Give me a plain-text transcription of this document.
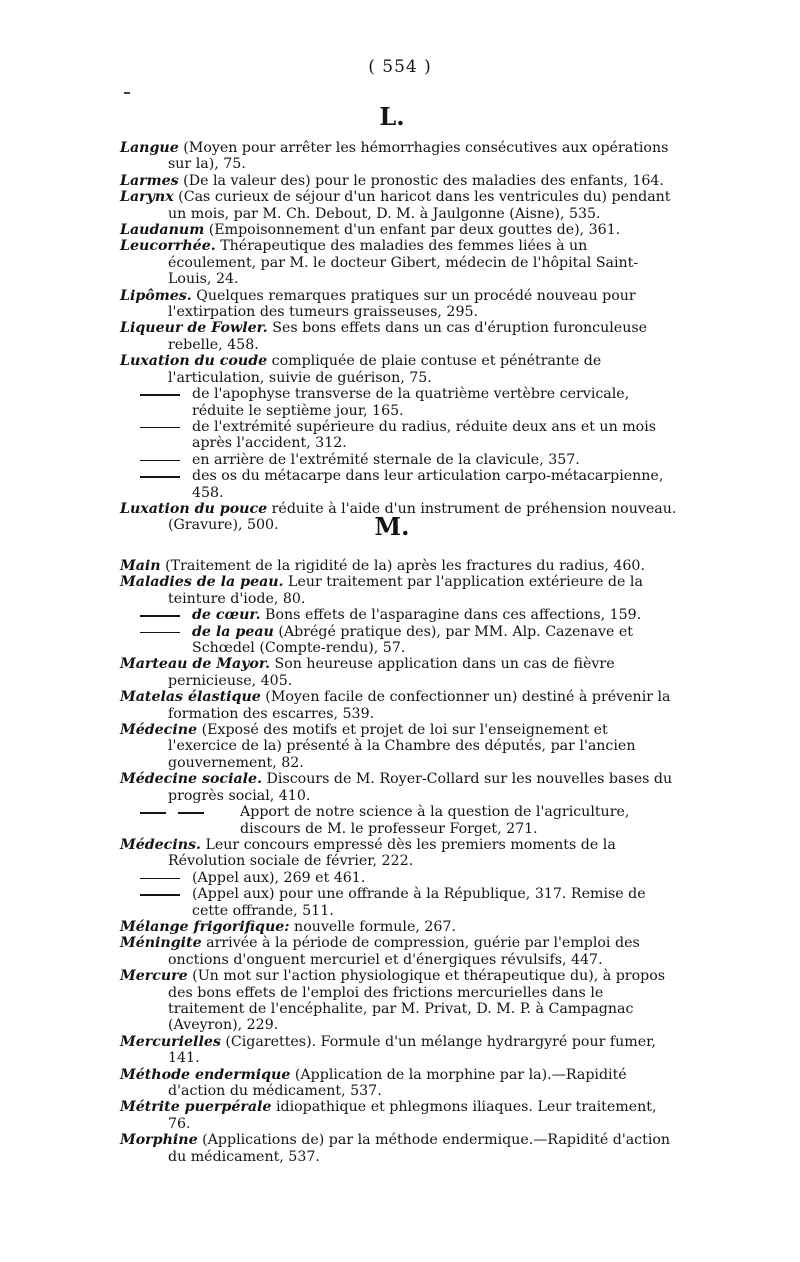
( 554 )
L.

Langue (Moyen pour arrêter les hémorrhagies consécutives aux opérations sur la), 75.

Larmes (De la valeur des) pour le pronostic des maladies des enfants, 164.

Larynx (Cas curieux de séjour d'un haricot dans les ventricules du) pendant un mois, par M. Ch. Debout, D. M. à Jaulgonne (Aisne), 535.

Laudanum (Empoisonnement d'un enfant par deux gouttes de), 361.

Leucorrhée. Thérapeutique des maladies des femmes liées à un écoulement, par M. le docteur Gibert, médecin de l'hôpital Saint-Louis, 24.

Lipômes. Quelques remarques pratiques sur un procédé nouveau pour l'extirpation des tumeurs graisseuses, 295.

Liqueur de Fowler. Ses bons effets dans un cas d'éruption furonculeuse rebelle, 458.

Luxation du coude compliquée de plaie contuse et pénétrante de l'articulation, suivie de guérison, 75.

de l'apophyse transverse de la quatrième vertèbre cervicale, réduite le septième jour, 165.

de l'extrémité supérieure du radius, réduite deux ans et un mois après l'accident, 312.

en arrière de l'extrémité sternale de la clavicule, 357.

des os du métacarpe dans leur articulation carpo-métacarpienne, 458.

Luxation du pouce réduite à l'aide d'un instrument de préhension nouveau. (Gravure), 500.	M.

Main (Traitement de la rigidité de la) après les fractures du radius, 460.

Maladies de la peau. Leur traitement par l'application extérieure de la teinture d'iode, 80.

de cœur. Bons effets de l'asparagine dans ces affections, 159.

de la peau (Abrégé pratique des), par MM. Alp. Cazenave et Schœdel (Compte-rendu), 57.

Marteau de Mayor. Son heureuse application dans un cas de fièvre pernicieuse, 405.

Matelas élastique (Moyen facile de confectionner un) destiné à prévenir la formation des escarres, 539.

Médecine (Exposé des motifs et projet de loi sur l'enseignement et l'exercice de la) présenté à la Chambre des députés, par l'ancien gouvernement, 82.

Médecine sociale. Discours de M. Royer-Collard sur les nouvelles bases du progrès social, 410.

Apport de notre science à la question de l'agriculture, discours de M. le professeur Forget, 271.

Médecins. Leur concours empressé dès les premiers moments de la Révolution sociale de février, 222.

(Appel aux), 269 et 461.

(Appel aux) pour une offrande à la République, 317. Remise de cette offrande, 511.

Mélange frigorifique: nouvelle formule, 267.

Méningite arrivée à la période de compression, guérie par l'emploi des onctions d'onguent mercuriel et d'énergiques révulsifs, 447.

Mercure (Un mot sur l'action physiologique et thérapeutique du), à propos des bons effets de l'emploi des frictions mercurielles dans le traitement de l'encéphalite, par M. Privat, D. M. P. à Campagnac (Aveyron), 229.

Mercurielles (Cigarettes). Formule d'un mélange hydrargyré pour fumer, 141.

Méthode endermique (Application de la morphine par la).—Rapidité d'action du médicament, 537.

Métrite puerpérale idiopathique et phlegmons iliaques. Leur traitement, 76.

Morphine (Applications de) par la méthode endermique.—Rapidité d'action du médicament, 537.
